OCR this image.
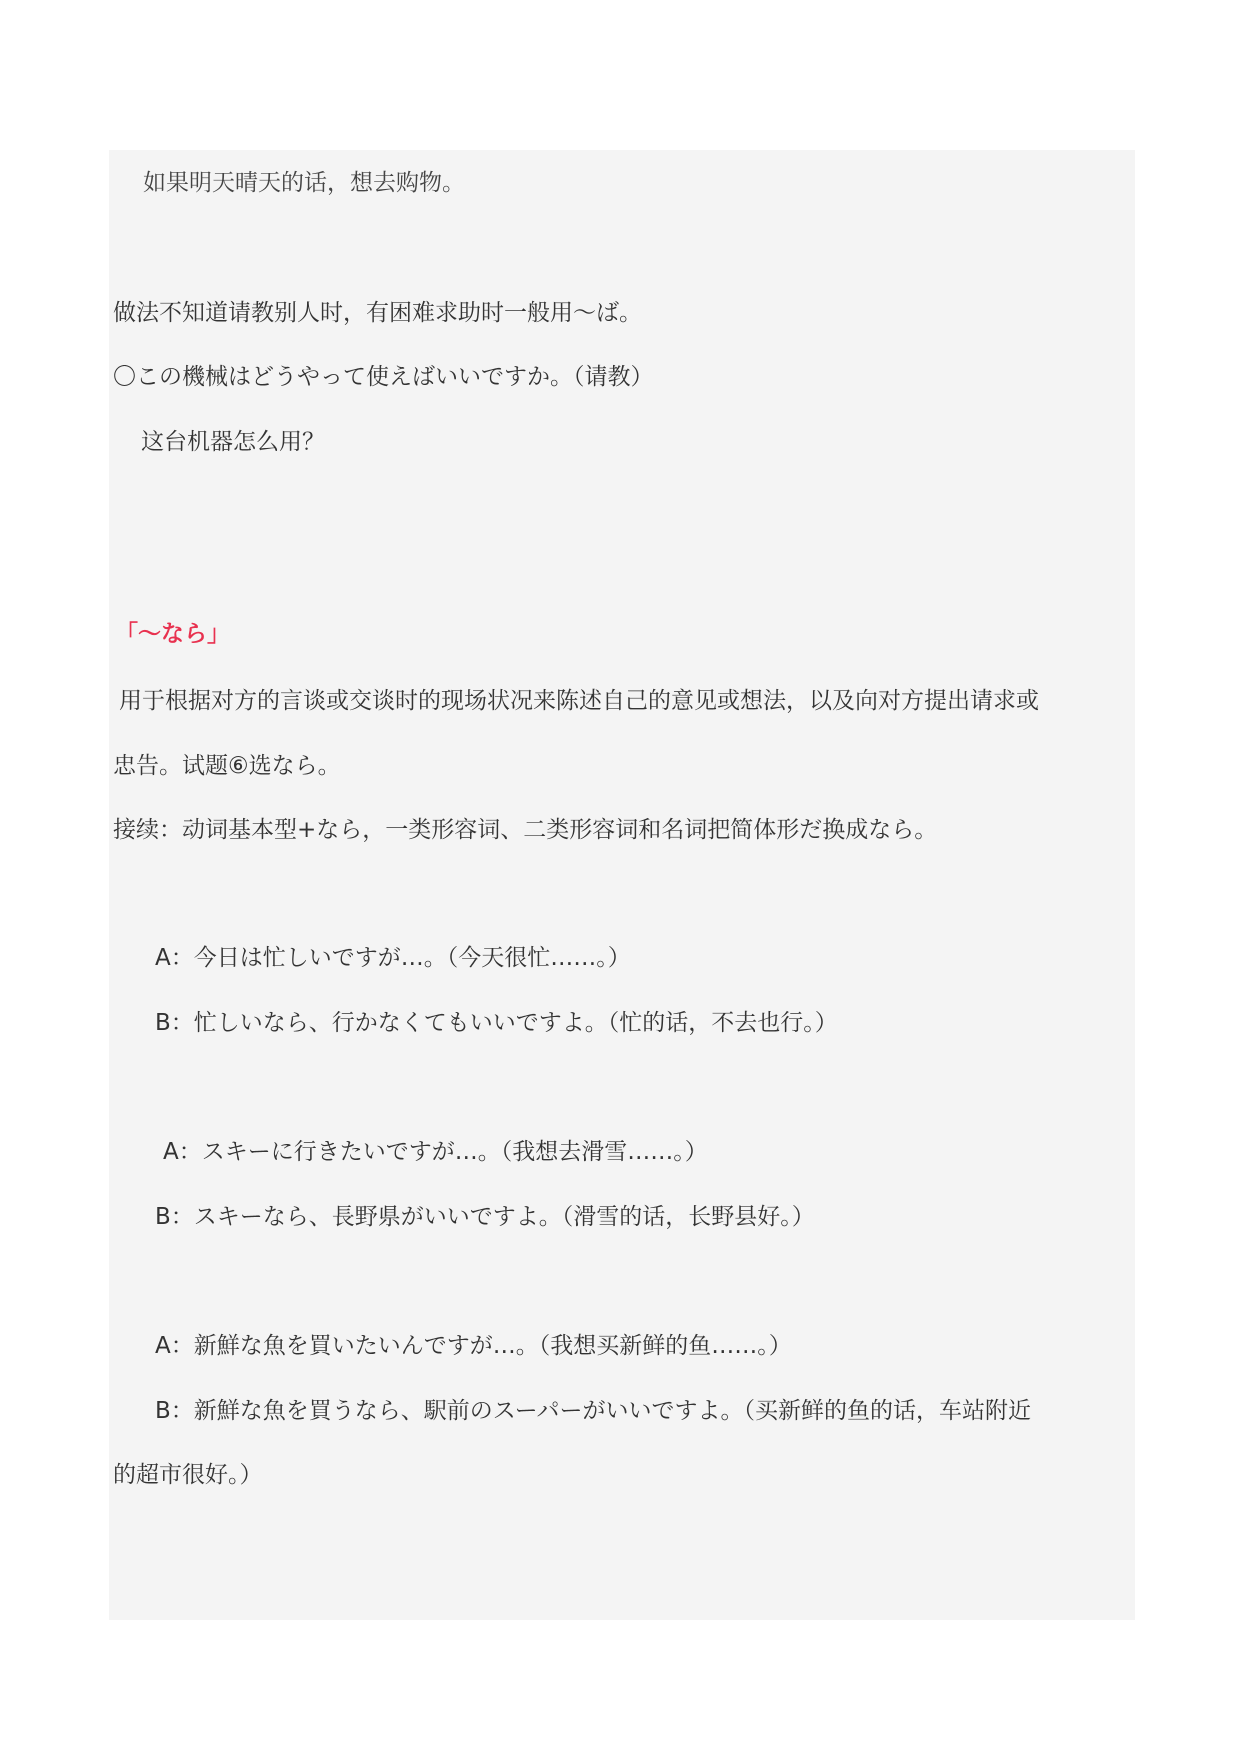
如果明天晴天的话，想去购物。
做法不知道请教别人时，有困难求助时一般用～ば。
〇この機械はどうやって使えばいいですか。（请教）
这台机器怎么用？
「～なら」
用于根据对方的言谈或交谈时的现场状况来陈述自己的意见或想法，以及向对方提出请求或
忠告。试题⑥选なら。
接续：动词基本型+なら，一类形容词、二类形容词和名词把简体形だ换成なら。
A：今日は忙しいですが…。（今天很忙……。）
B：忙しいなら、行かなくてもいいですよ。（忙的话，不去也行。）
A：スキーに行きたいですが…。（我想去滑雪……。）
B：スキーなら、長野県がいいですよ。（滑雪的话，长野县好。）
A：新鮮な魚を買いたいんですが…。（我想买新鲜的鱼……。）
B：新鮮な魚を買うなら、駅前のスーパーがいいですよ。（买新鲜的鱼的话，车站附近
的超市很好。）
